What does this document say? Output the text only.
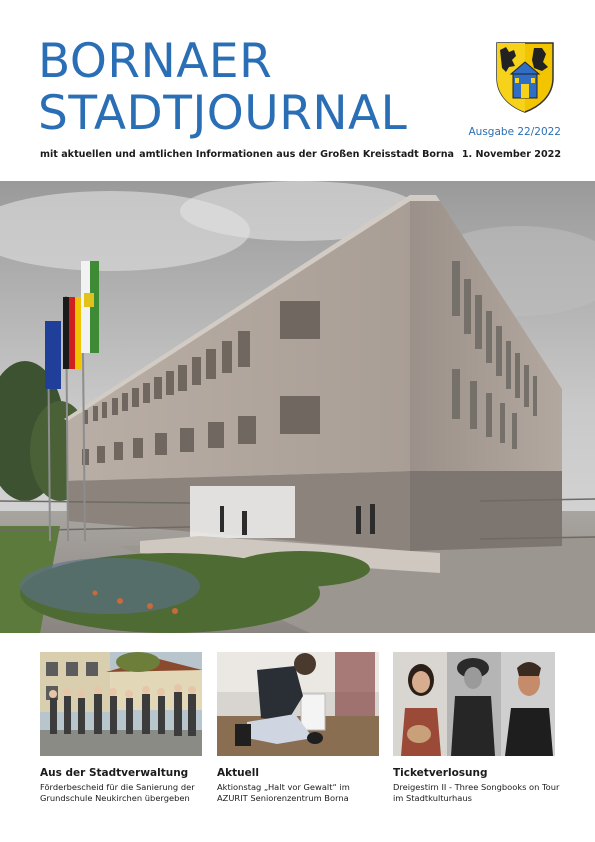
BORNAER
STADTJOURNAL	Ausgabe 22/2022
mit aktuellen und amtlichen Informationen aus der Großen Kreisstadt Borna 1. November 2022
Aus der Stadtverwaltung
Förderbescheid für die Sanierung der
Grundschule Neukirchen übergeben
Aktuell
Aktionstag „Halt vor Gewalt“ im
AZURIT Seniorenzentrum Borna
Ticketverlosung
Dreigestirn II - Three Songbooks on Tour
im Stadtkulturhaus
